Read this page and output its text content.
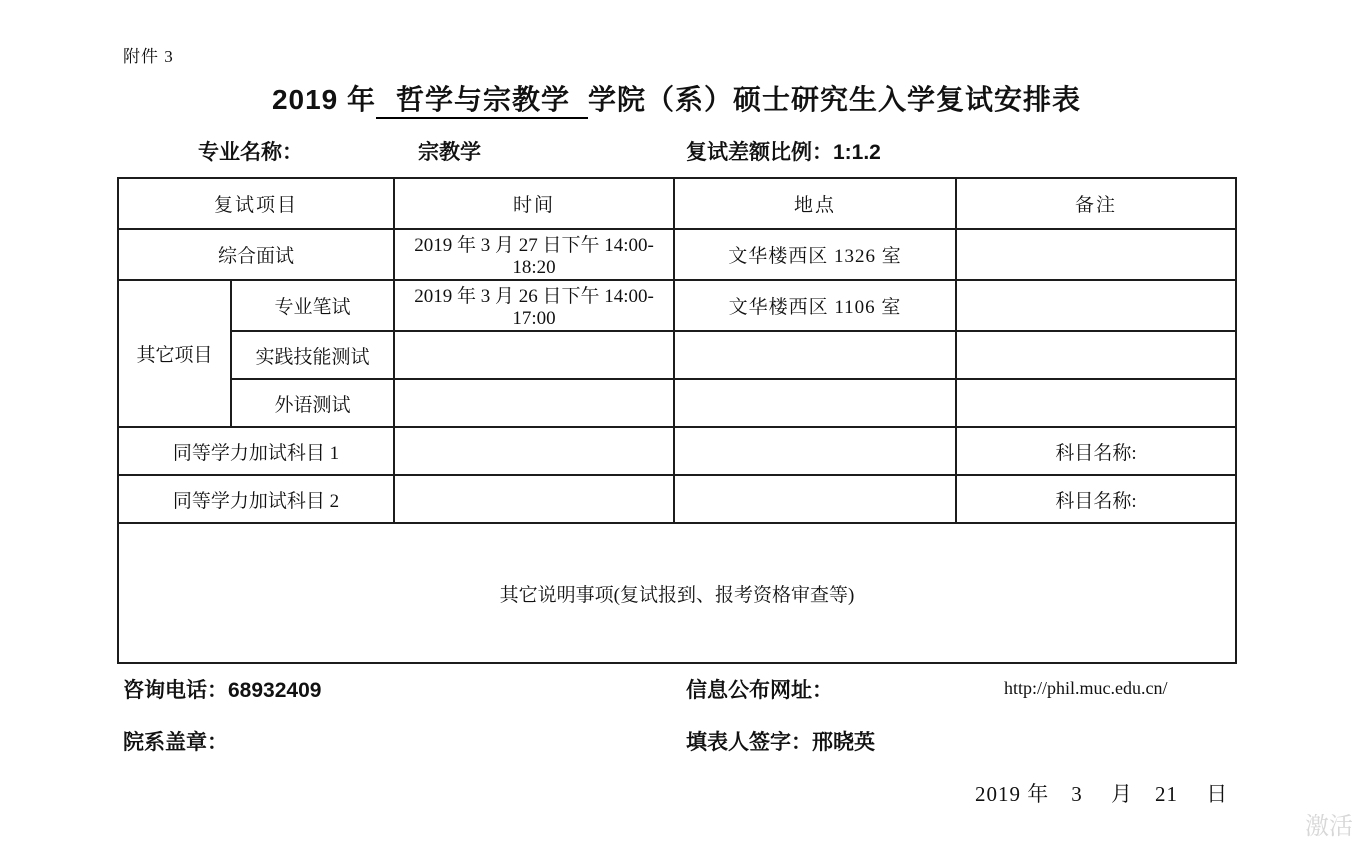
附件 3
2019 年 哲学与宗教学 学院（系）硕士研究生入学复试安排表
专业名称：	宗教学	复试差额比例：1:1.2
复试项目		时间	地点	备注
综合面试		2019 年 3 月 27 日下午 14:00-18:20	文华楼西区 1326 室	
其它项目	专业笔试	2019 年 3 月 26 日下午 14:00-17:00	文华楼西区 1106 室	
	实践技能测试			
	外语测试			
同等学力加试科目 1				科目名称:
同等学力加试科目 2				科目名称:
其它说明事项(复试报到、报考资格审查等)				
咨询电话：68932409	信息公布网址：	http://phil.muc.edu.cn/
院系盖章：	填表人签字：邢晓英
2019 年　3　 月　21　 日
激活
